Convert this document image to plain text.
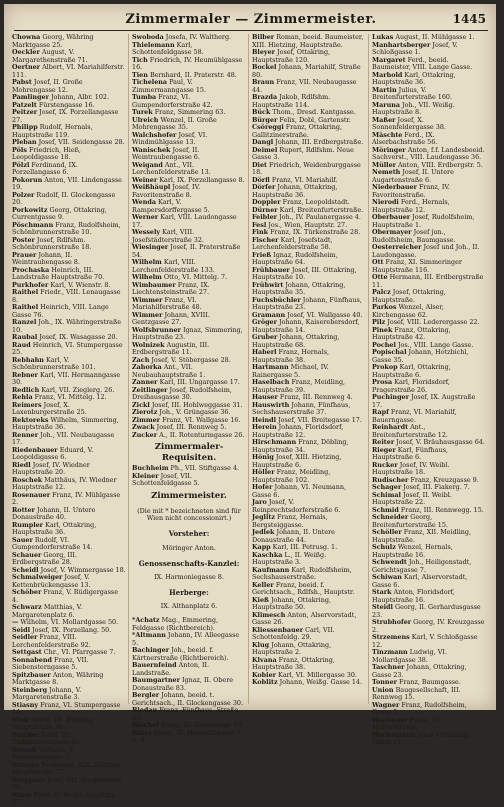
Zimmermaler — Zimmermeister.	1445

Chowna Georg, Währing Marktgasse 25.

Oeckler August, V. Margarethenstraße 71.

Oertner Albert, VI. Mariahilferstr. 111.

Pabst Josef, II. Große Mohrengasse 12.

Pamlinger Johann, Albr. 102.

Patzelt Fürstengasse 16.

Peitzer Josef, IX. Porzellangasse 27.

Philipp Rudolf, Hernals, Hauptstraße 119.

Pleban Josef, VII. Seidengasse 28.

Pöls Friedrich, Hieß, Leopoldigasse 18.

Pölzl Ferdinand, IX. Porzellangasse 6.

Pokorun Anton, VII. Lindengasse 19.

Polzer Rudolf, II. Glockengasse 20.

Porkowitz Georg, Ottakring, Currentgasse 9.

Pöschmann Franz, Rudolfsheim, Schönbrunnerstraße 10.

Poster Josef, Rdlfshm. Schönbrunnerstraße 18.

Prauer Johann, II. Weintraubengasse 8.

Prochaska Heinrich, III. Landstraße Hauptstraße 70.

Purkhofer Karl, V. Wienstr. 8.

Raithel Friedr., VIII. Lenaugasse 8.

Raithel Heinrich, VIII. Lange Gasse 76.

Ranzel Joh., IX. Währingerstraße 10.

Raubal Josef, IX. Wasagasse 20.

Raud Heinrich, VI. Stumpergasse 25.

Rebhahn Karl, V. Schönbrunnerstraße 101.

Rebner Karl, VII. Hermanngasse 30.

Redlich Karl, VII. Zieglerg. 26.

Rehla Franz, VI. Mittelg. 12.

Reimers Josef, X. Laxenburgerstraße 25.

Rektoreks Wilhelm, Simmering, Hauptstraße 36.

Renner Joh., VII. Neubaugasse 17.

Riedenbauer Eduard, V. Leopoldigasse 6.

Riedl Josef, IV. Wiedner Hauptstraße 20.

Roschek Matthäus, IV. Wiedner Hauptstraße 12.

Rosenauer Franz, IV. Mühlgasse 2.

Rotter Johann, II. Untere Donaustraße 40.

Rumpler Karl, Ottakring, Hauptstraße 36.

Sauer Rudolf, VI. Gumpendorferstraße 14.

Schauer Georg, III. Erdbergstraße 28.

Scheidl Josef, V. Wimmergasse 18.

Schmalweiger Josef, V. Kettenbrückengasse 13.

Schöber Franz, V. Rüdigergasse 4.

Schwarz Matthias, V. Margaretenplatz 6.

— Wilhelm, VI. Mollardgasse 50.

Seidl Josef, IX. Porzellang. 50.

Seidler Franz, VIII. Lerchenfelderstraße 92.

Settgast Chr., VI. Pfarrgasse 7.

Sonnabend Franz, VII. Siebensterngasse 5.

Spitzbauer Anton, Währing Marktgasse 8.

Steinberg Johann, V. Margaretenstraße 3.

Stiasny Franz, VI. Stumpergasse 14.

Stoll Anton, III. Währing Hauptstraße 36.

Straßer Josef, VII. Siebensterngasse 40.

Strauß Wilhelm, V. Kriehubergasse 7.

Strauss Ferdinand, XIX. Döbling, Hauptstraße 77.

Stuppner Josef, VII. Hauptstraße 28.

Stuss Peter, II. Weibl. Hauptstr. 27.

Swoboda Josefa, IV. Waltherg.

Thielemann Karl, Schottenfeldgasse 58.

Tich Friedrich, IV. Heumühlgasse 16.

Tien Bernhard, II. Praterstr. 48.

Tichelena Paul, V. Zimmermanngasse 15.

Tumba Franz, VI. Gumpendorferstraße 42.

Turek Franz, Simmering 63.

Ulreich Wenzel, II. Große Mohrengasse 35.

Walchshofer Josef, VI. Windmühlgasse 13.

Wanischek Josef, II. Weintraubengasse 6.

Weigand Ant., VII. Lerchenfelderstraße 13.

Weiner Karl, IX. Porzellangasse 8.

Weißhäupl Josef, IV. Favoritenstraße 8.

Wenda Karl, V. Rampersdorffergasse 5.

Werner Karl, VIII. Laudongasse 17.

Wessely Karl, VIII. Josefstädterstraße 32.

Wiesinger Josef, II. Praterstraße 54.

Wilhelm Karl, VIII. Lerchenfelderstraße 133.

Wilhelm Otto, VI. Mittelg. 7.

Wimbaumer Franz, IX. Liechtensteinstraße 27.

Wimmer Franz, VI. Mariahilferstraße 48.

Wimmer Johann, XVIII. Gentzgasse 27.

Wolfsbrunner Ignaz, Simmering, Hauptstraße 23.

Wolnizek Augustin, III. Erdbergstraße 11.

Zach Josef, V. Stöbergasse 28.

Zahorka Ant., VII. Neubauhauptstraße 1.

Zanner Karl, III. Ungargasse 17.

Zeitlinger Josef, Rudolfsheim, Dreihausgasse 30.

Zickl Josef, III. Hohlweggasse 31.

Zierotz Joh., V. Grüngasse 36.

Zimmer Franz, VI. Wallgasse 16.

Zwack Josef, III. Rennweg 5.

Zucker A., II. Rotenturmgasse 26.

Zimmermaler-Requisiten.

Buchheim Ph., VII. Stiftgasse 4.

Kleiner Josef, VII. Schottenfeldgasse 5.

Zimmermeister.

(Die mit * bezeichneten sind für Wien nicht concessionirt.)

Vorsteher:

Möringer Anton.

Genossenschafts-Kanzlei:

IX. Harmoniegasse 8.

Herberge:

IX. Althanplatz 6.

*Achatz Mag., Emmering, Feldgasse (Richtbereich).

*Altmann Johann, IV. Alleegasse 5.

Bachinger Joh., beeid. f. Kärtnerstraße (Richtbereich).

Bauernfeind Anton, II. Landstraße.

Baumgartner Ignaz, II. Obere Donaustraße 83.

Bergler Johann, beeid. t. Gerichtsach., II. Glockengasse 30.

Biedau Franz, Fünfhaus, Straße 43.

Bischof Franz, IV. Carolineng. 18.

Biber Franz, IV. Heumühlgasse 7 u. 9.

Bilber Roman, beeid. Baumeister, XIII. Hietzing, Hauptstraße.

Bleyer Josef, Ottakring, Hauptstraße 120.

Bockel Johann, Mariahilf, Straße 80.

Braun Franz, VII. Neubaugasse 44.

Brazda Jakob, Rdlfshm. Hauptstraße 114.

Bück Thom., Dresd. Kantgasse.

Bürger Felix, Dobl, Gartenstr.

Csöreggi Franz, Ottakring, Gallitzinerstraße.

Dangl Johann, III. Erdbergstraße.

Deimel Rupert, Rdlfshm. Neue Gasse 3.

Diet Friedrich, Weidenburggasse 18.

Dörfl Franz, VI. Mariahilf.

Dörfer Johann, Ottakring, Hauptstraße 36.

Doppler Franz, Leopoldstadt.

Dürner Karl, Breitenfurterstraße.

Feibler Joh., IV. Paulanergasse 4.

Fesl Jos., Wien, Hauptstr. 27.

Fink Franz, IX. Türkenstraße 28.

Fischer Karl, Josefstadt, Lerchenfelderstraße 58.

Frieß Ignaz, Rudolfsheim, Hauptstraße 64.

Frühbauer Josef, III. Ottakring, Hauptstraße 10.

Frühwirt Johann, Ottakring, Hauptstraße 35.

Fuchsbüchler Johann, Fünfhaus, Hauptstraße 23.

Gramann Josef, VI. Wallgasse 40.

Gröger Johann, Kaiserebersdorf, Hauptstraße 14.

Gruber Johann, Ottakring, Hauptstraße 68.

Haberl Franz, Hernals, Hauptstraße 38.

Hartmann Michael, IV. Rainergasse 5.

Haselbach Franz, Meidling, Hauptstraße 39.

Hauser Franz, III. Rennweg 4.

Hauswirth Johann, Fünfhaus, Sechshauserstraße 37.

Heindl Josef, VII. Breitegasse 17.

Herein Johann, Floridsdorf, Hauptstraße 12.

Hirschmann Franz, Döbling, Hauptstraße 34.

Hönig Josef, XIII. Hietzing, Hauptstraße 6.

Höller Franz, Meidling, Hauptstraße 102.

Hofer Johann, VI. Neumann, Gasse 6.

Jaro Josef, V. Reinprechtsdorferstraße 6.

Jeglitz Franz, Hernals, Bergsteiggasse.

Jedlek Johann, II. Untere Donaustraße 44.

Kapp Karl, III. Petrusg. 1.

Kaschka L., II. Weißg. Hauptstraße 3.

Kaufmann Karl, Rudolfsheim, Sechshauserstraße.

Keller Franz, beeid. f. Gerichtsach., Rdlfsh., Hauptstr.

Kieß Johann, Ottakring, Hauptstraße 50.

Klimesch Anton, Alservorstadt, Gasse 26.

Kliessenbauer Carl, VII. Schottenfeldg. 29.

Klug Johann, Ottakring, Hauptstraße 2.

Klvana Franz, Ottakring, Hauptstraße 38.

Kobier Karl, VI. Millergasse 30.

Koblitz Johann, Weißg. Gasse 14.

Lukas August, II. Mühlgasse 1.

Manhartsberger Josef, V. Schloßgasse 1.

Margaret Ferd., beeid. Baumeister, VIII. Lange Gasse.

Marhold Karl, Ottakring, Hauptstraße 36.

Martin Julius, V. Breitenfurterstraße 160.

Maruna Joh., VII. Weißg. Hauptstraße 8.

Maßer Josef, X. Sonnenfeldergasse 38.

Mäschte Ferd., IX. Alserbachstraße 56.

Möringer Anton, f.f. Landesbeeid. Sachverst., VIII. Laudongasse 36.

Müller Anton, VIII. Erdbergstr. 5.

Nemeth Josef, II. Untere Augartenstraße 6.

Niederbauer Franz, IV. Favoritenstraße.

Nierodi Ferd., Hernals, Hauptstraße 12.

Oberbauer Josef, Rudolfsheim, Hauptstraße 1.

Obermayer Josef jun., Rudolfsheim, Baumgasse.

Oesterreicher Josef und Joh., II. Laudongasse.

Ott Franz, XI. Simmeringer Hauptstraße 116.

Otte Hermann, III. Erdbergstraße 11.

Palcz Josef, Ottakring, Hauptstraße.

Parkos Wenzel, Alser, Kirchengasse 62.

Pilz Josef, VIII. Lederergasse 22.

Pinek Franz, Ottakring, Hauptstraße 42.

Pochel Jos., VIII. Lange Gasse.

Popischal Johann, Hotzbichl, Gasse 35.

Prokop Karl, Ottakring, Hauptstraße 6.

Prosa Karl, Floridsdorf, Pragerstraße 26.

Puchinger Josef, IX. Augstraße 17.

Rapf Franz, VI. Mariahilf, Bauerngasse.

Reinhardt Ant., Breitenfurterstraße 12.

Reiter Josef, V. Bräuhausgasse 64.

Rieger Karl, Fünfhaus, Hauptstraße 6.

Rucker Josef, IV. Weibl. Hauptstraße 18.

Rudischer Franz, Kreuzgasse 9.

Schager Josef, III. Fiakerg. 7.

Schimal Josef, II. Weibl. Hauptstraße 22.

Schmid Franz, III. Rennwegg. 15.

Schneider Georg, Breitenfurterstraße 15.

Schöller Franz, XII. Meidling, Hauptstraße.

Schulz Wenzel, Hernals, Hauptstraße 16.

Schwendt Joh., Heiligenstadt, Gerichtsgasse 7.

Schiwan Karl, Alservorstadt, Gasse 6.

Stark Anton, Floridsdorf, Hauptstraße 16.

Steidl Georg, II. Gerhardusgasse 23.

Strubhofer Georg, IV. Kreuzgasse 2.

Strzemens Karl, V. Schloßgasse 12.

Tinzmann Ludwig, VI. Mollardgasse 38.

Taschner Johann, Ottakring, Gasse 23.

Tonner Franz, Baumgasse.

Union Baugesellschaft, III. Rennweg 15.

Wagner Franz, Rudolfsheim, Gasse 5.

Wachauer Franz, VI. Mollardgasse.

Wachsmann Josef, Ottakring, Gasse 21.
